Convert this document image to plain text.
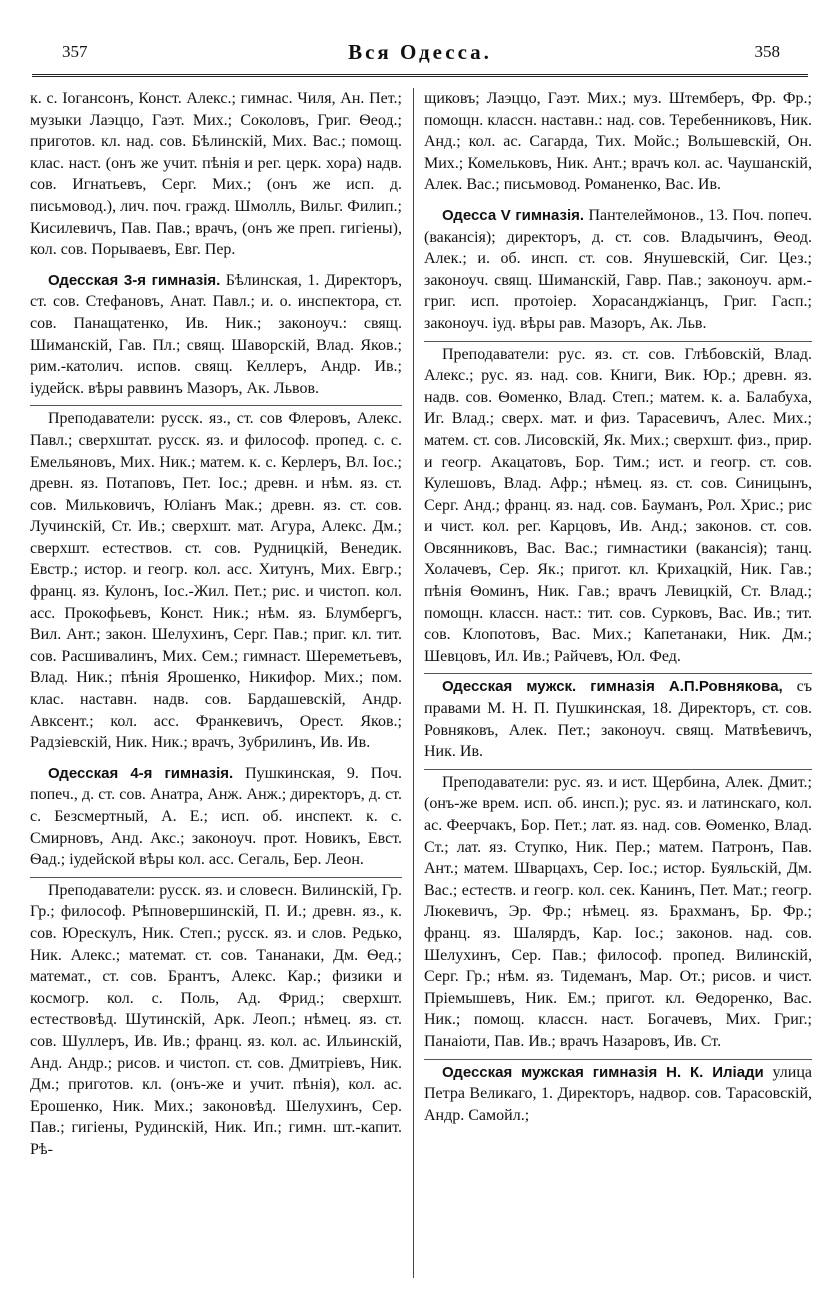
357	Вся Одесса.	358

к. с. Іогансонъ, Конст. Алекс.; гимнас. Чиля, Ан. Пет.; музыки Лаэццо, Гаэт. Мих.; Соколовъ, Григ. Ѳеод.; приготов. кл. над. сов. Бѣлинскій, Мих. Вас.; помощ. клас. наст. (онъ же учит. пѣнія и рег. церк. хора) надв. сов. Игнатьевъ, Серг. Мих.; (онъ же исп. д. письмовод.), лич. поч. гражд. Шмолль, Вильг. Филип.; Кисилевичъ, Пав. Пав.; врачъ, (онъ же преп. гигіены), кол. сов. Порываевъ, Евг. Пер.

Одесская 3-я гимназія. Бѣлинская, 1. Директоръ, ст. сов. Стефановъ, Анат. Павл.; и. о. инспектора, ст. сов. Панащатенко, Ив. Ник.; законоуч.: свящ. Шиманскій, Гав. Пл.; свящ. Шаворскій, Влад. Яков.; рим.-католич. испов. свящ. Келлеръ, Андр. Ив.; іудейск. вѣры раввинъ Мазоръ, Ак. Львов.

Преподаватели: русск. яз., ст. сов Флеровъ, Алекс. Павл.; сверхштат. русск. яз. и философ. пропед. с. с. Емельяновъ, Мих. Ник.; матем. к. с. Керлеръ, Вл. Іос.; древн. яз. Потаповъ, Пет. Іос.; древн. и нѣм. яз. ст. сов. Мильковичъ, Юліанъ Мак.; древн. яз. ст. сов. Лучинскій, Ст. Ив.; сверхшт. мат. Агура, Алекс. Дм.; сверхшт. естествов. ст. сов. Рудницкій, Венедик. Евстр.; истор. и геогр. кол. асс. Хитунъ, Мих. Евгр.; франц. яз. Кулонъ, Іос.-Жил. Пет.; рис. и чистоп. кол. асс. Прокофьевъ, Конст. Ник.; нѣм. яз. Блумбергъ, Вил. Ант.; закон. Шелухинъ, Серг. Пав.; приг. кл. тит. сов. Расшивалинъ, Мих. Сем.; гимнаст. Шереметьевъ, Влад. Ник.; пѣнія Ярошенко, Никифор. Мих.; пом. клас. наставн. надв. сов. Бардашевскій, Андр. Авксент.; кол. асс. Франкевичъ, Орест. Яков.; Радзіевскій, Ник. Ник.; врачъ, Зубрилинъ, Ив. Ив.

Одесская 4-я гимназія. Пушкинская, 9. Поч. попеч., д. ст. сов. Анатра, Анж. Анж.; директоръ, д. ст. с. Безсмертный, А. Е.; исп. об. инспект. к. с. Смирновъ, Анд. Акс.; законоуч. прот. Новикъ, Евст. Ѳад.; іудейской вѣры кол. асс. Сегаль, Бер. Леон.

Преподаватели: русск. яз. и словесн. Вилинскій, Гр. Гр.; философ. Рѣпновершинскій, П. И.; древн. яз., к. сов. Юрескулъ, Ник. Степ.; русск. яз. и слов. Редько, Ник. Алекс.; математ. ст. сов. Тананаки, Дм. Ѳед.; математ., ст. сов. Брантъ, Алекс. Кар.; физики и космогр. кол. с. Поль, Ад. Фрид.; сверхшт. естествовѣд. Шутинскій, Арк. Леоп.; нѣмец. яз. ст. сов. Шуллеръ, Ив. Ив.; франц. яз. кол. ас. Ильинскій, Анд. Андр.; рисов. и чистоп. ст. сов. Дмитріевъ, Ник. Дм.; приготов. кл. (онъ-же и учит. пѣнія), кол. ас. Ерошенко, Ник. Мих.; законовѣд. Шелухинъ, Сер. Пав.; гигіены, Рудинскій, Ник. Ип.; гимн. шт.-капит. Рѣ-

щиковъ; Лаэццо, Гаэт. Мих.; муз. Штемберъ, Фр. Фр.; помощн. классн. наставн.: над. сов. Теребенниковъ, Ник. Анд.; кол. ас. Сагарда, Тих. Мойс.; Вольшевскій, Он. Мих.; Комельковъ, Ник. Ант.; врачъ кол. ас. Чаушанскій, Алек. Вас.; письмовод. Романенко, Вас. Ив.

Одесса V гимназія. Пантелеймонов., 13. Поч. попеч. (вакансія); директоръ, д. ст. сов. Владычинъ, Ѳеод. Алек.; и. об. инсп. ст. сов. Янушевскій, Сиг. Цез.; законоуч. свящ. Шиманскій, Гавр. Пав.; законоуч. арм.-григ. исп. протоіер. Хорасанджіанцъ, Григ. Гасп.; законоуч. іуд. вѣры рав. Мазоръ, Ак. Льв.

Преподаватели: рус. яз. ст. сов. Глѣбовскій, Влад. Алекс.; рус. яз. над. сов. Книги, Вик. Юр.; древн. яз. надв. сов. Ѳоменко, Влад. Степ.; матем. к. а. Балабуха, Иг. Влад.; сверх. мат. и физ. Тарасевичъ, Алес. Мих.; матем. ст. сов. Лисовскій, Як. Мих.; сверхшт. физ., прир. и геогр. Акацатовъ, Бор. Тим.; ист. и геогр. ст. сов. Кулешовъ, Влад. Афр.; нѣмец. яз. ст. сов. Синицынъ, Серг. Анд.; франц. яз. над. сов. Бауманъ, Рол. Хрис.; рис и чист. кол. рег. Карцовъ, Ив. Анд.; законов. ст. сов. Овсянниковъ, Вас. Вас.; гимнастики (вакансія); танц. Холачевъ, Сер. Як.; пригот. кл. Крихацкій, Ник. Гав.; пѣнія Ѳоминъ, Ник. Гав.; врачъ Левицкій, Ст. Влад.; помощн. классн. наст.: тит. сов. Сурковъ, Вас. Ив.; тит. сов. Клопотовъ, Вас. Мих.; Капетанаки, Ник. Дм.; Шевцовъ, Ил. Ив.; Райчевъ, Юл. Фед.

Одесская мужск. гимназія А.П.Ровнякова, съ правами М. Н. П. Пушкинская, 18. Директоръ, ст. сов. Ровняковъ, Алек. Пет.; законоуч. свящ. Матвѣевичъ, Ник. Ив.

Преподаватели: рус. яз. и ист. Щербина, Алек. Дмит.; (онъ-же врем. исп. об. инсп.); рус. яз. и латинскаго, кол. ас. Феерчакъ, Бор. Пет.; лат. яз. над. сов. Ѳоменко, Влад. Ст.; лат. яз. Ступко, Ник. Пер.; матем. Патронъ, Пав. Ант.; матем. Шварцахъ, Сер. Іос.; истор. Буяльскій, Дм. Вас.; естеств. и геогр. кол. сек. Канинъ, Пет. Мат.; геогр. Люкевичъ, Эр. Фр.; нѣмец. яз. Брахманъ, Бр. Фр.; франц. яз. Шалярдъ, Кар. Іос.; законов. над. сов. Шелухинъ, Сер. Пав.; философ. пропед. Вилинскій, Серг. Гр.; нѣм. яз. Тидеманъ, Мар. От.; рисов. и чист. Пріемышевъ, Ник. Ем.; пригот. кл. Ѳедоренко, Вас. Ник.; помощ. классн. наст. Богачевъ, Мих. Григ.; Панаіоти, Пав. Ив.; врачъ Назаровъ, Ив. Ст.

Одесская мужская гимназія Н. К. Иліади улица Петра Великаго, 1. Директоръ, надвор. сов. Тарасовскій, Андр. Самойл.;
